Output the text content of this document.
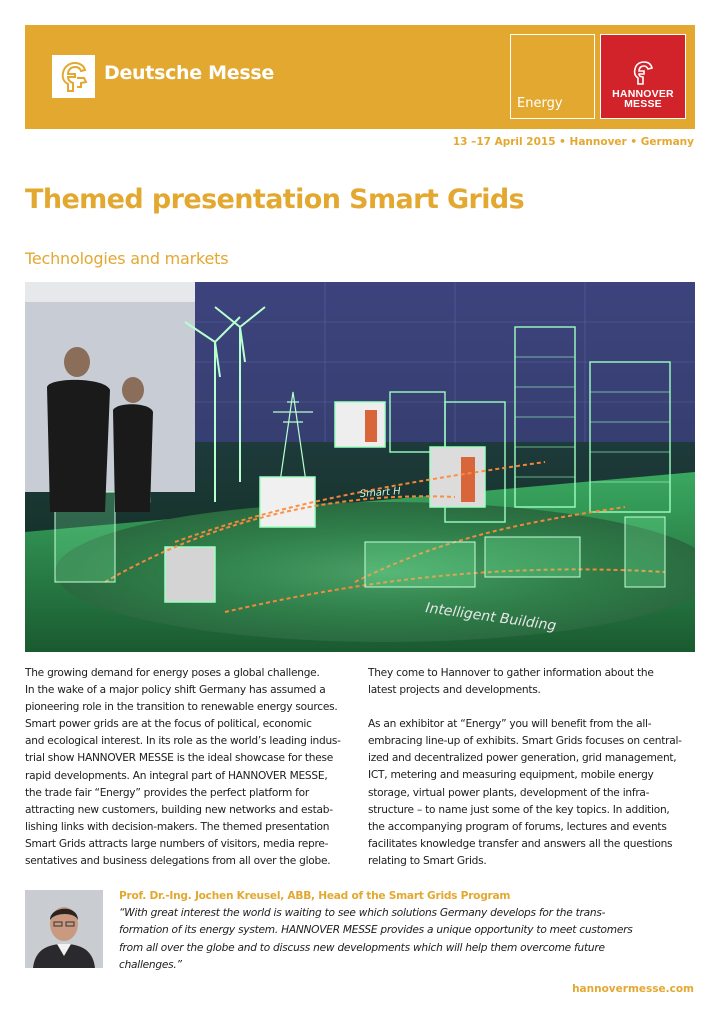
Deutsche Messe
Energy
HANNOVER
MESSE
13 –17 April 2015 • Hannover • Germany
Themed presentation Smart Grids
Technologies and markets
Intelligent Building
Smart H

The growing demand for energy poses a global challenge.
In the wake of a major policy shift Germany has assumed a
pioneering role in the transition to renewable energy sources.
Smart power grids are at the focus of political, economic
and ecological interest. In its role as the world’s leading indus-
trial show HANNOVER MESSE is the ideal showcase for these
rapid developments. An integral part of HANNOVER MESSE,
the trade fair “Energy” provides the perfect platform for
attracting new customers, building new networks and estab-
lishing links with decision-makers. The themed presentation
Smart Grids attracts large numbers of visitors, media repre-
sentatives and business delegations from all over the globe.

They come to Hannover to gather information about the
latest projects and developments.

As an exhibitor at “Energy” you will benefit from the all-
embracing line-up of exhibits. Smart Grids focuses on central-
ized and decentralized power generation, grid management,
ICT, metering and measuring equipment, mobile energy
storage, virtual power plants, development of the infra-
structure – to name just some of the key topics. In addition,
the accompanying program of forums, lectures and events
facilitates knowledge transfer and answers all the questions
relating to Smart Grids.

Prof. Dr.-Ing. Jochen Kreusel, ABB, Head of the Smart Grids Program
“With great interest the world is waiting to see which solutions Germany develops for the trans-
formation of its energy system. HANNOVER MESSE provides a unique opportunity to meet customers
from all over the globe and to discuss new developments which will help them overcome future
challenges.”
hannovermesse.com
